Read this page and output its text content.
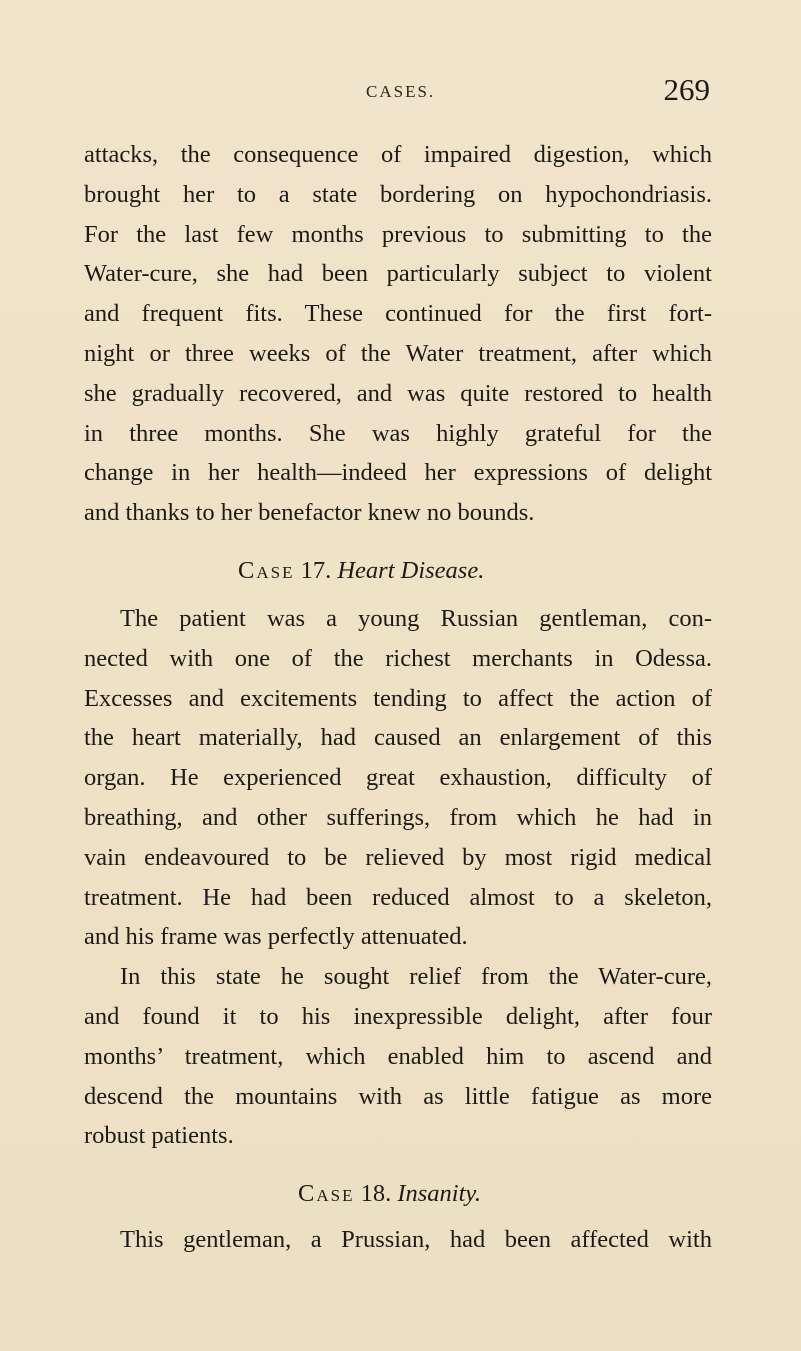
CASES.	269
attacks, the consequence of impaired digestion, which
brought her to a state bordering on hypochondriasis.
For the last few months previous to submitting to the
Water-cure, she had been particularly subject to violent
and frequent fits. These continued for the first fort-
night or three weeks of the Water treatment, after which
she gradually recovered, and was quite restored to health
in three months. She was highly grateful for the
change in her health—indeed her expressions of delight
and thanks to her benefactor knew no bounds.
Case 17. Heart Disease.
The patient was a young Russian gentleman, con-
nected with one of the richest merchants in Odessa.
Excesses and excitements tending to affect the action of
the heart materially, had caused an enlargement of this
organ. He experienced great exhaustion, difficulty of
breathing, and other sufferings, from which he had in
vain endeavoured to be relieved by most rigid medical
treatment. He had been reduced almost to a skeleton,
and his frame was perfectly attenuated.
In this state he sought relief from the Water-cure,
and found it to his inexpressible delight, after four
months’ treatment, which enabled him to ascend and
descend the mountains with as little fatigue as more
robust patients.
Case 18. Insanity.
This gentleman, a Prussian, had been affected with
